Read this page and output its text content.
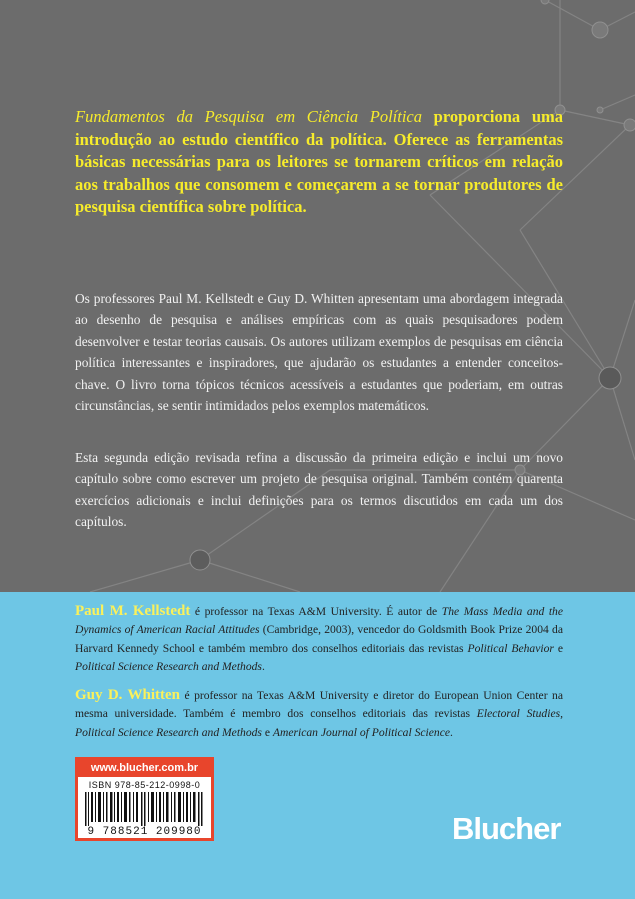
Fundamentos da Pesquisa em Ciência Política proporciona uma introdução ao estudo científico da política. Oferece as ferramentas básicas necessárias para os leitores se tornarem críticos em relação aos trabalhos que consomem e começarem a se tornar produtores de pesquisa científica sobre política.

Os professores Paul M. Kellstedt e Guy D. Whitten apresentam uma abordagem integrada ao desenho de pesquisa e análises empíricas com as quais pesquisadores podem desenvolver e testar teorias causais. Os autores utilizam exemplos de pesquisas em ciência política interessantes e inspiradores, que ajudarão os estudantes a entender conceitos-chave. O livro torna tópicos técnicos acessíveis a estudantes que poderiam, em outras circunstâncias, se sentir intimidados pelos exemplos matemáticos.

Esta segunda edição revisada refina a discussão da primeira edição e inclui um novo capítulo sobre como escrever um projeto de pesquisa original. Também contém quarenta exercícios adicionais e inclui definições para os termos discutidos em cada um dos capítulos.

Paul M. Kellstedt é professor na Texas A&M University. É autor de The Mass Media and the Dynamics of American Racial Attitudes (Cambridge, 2003), vencedor do Goldsmith Book Prize 2004 da Harvard Kennedy School e também membro dos conselhos editoriais das revistas Political Behavior e Political Science Research and Methods.

Guy D. Whitten é professor na Texas A&M University e diretor do European Union Center na mesma universidade. Também é membro dos conselhos editoriais das revistas Electoral Studies, Political Science Research and Methods e American Journal of Political Science.

www.blucher.com.br
ISBN 978-85-212-0998-0
9 788521 209980	Blucher
